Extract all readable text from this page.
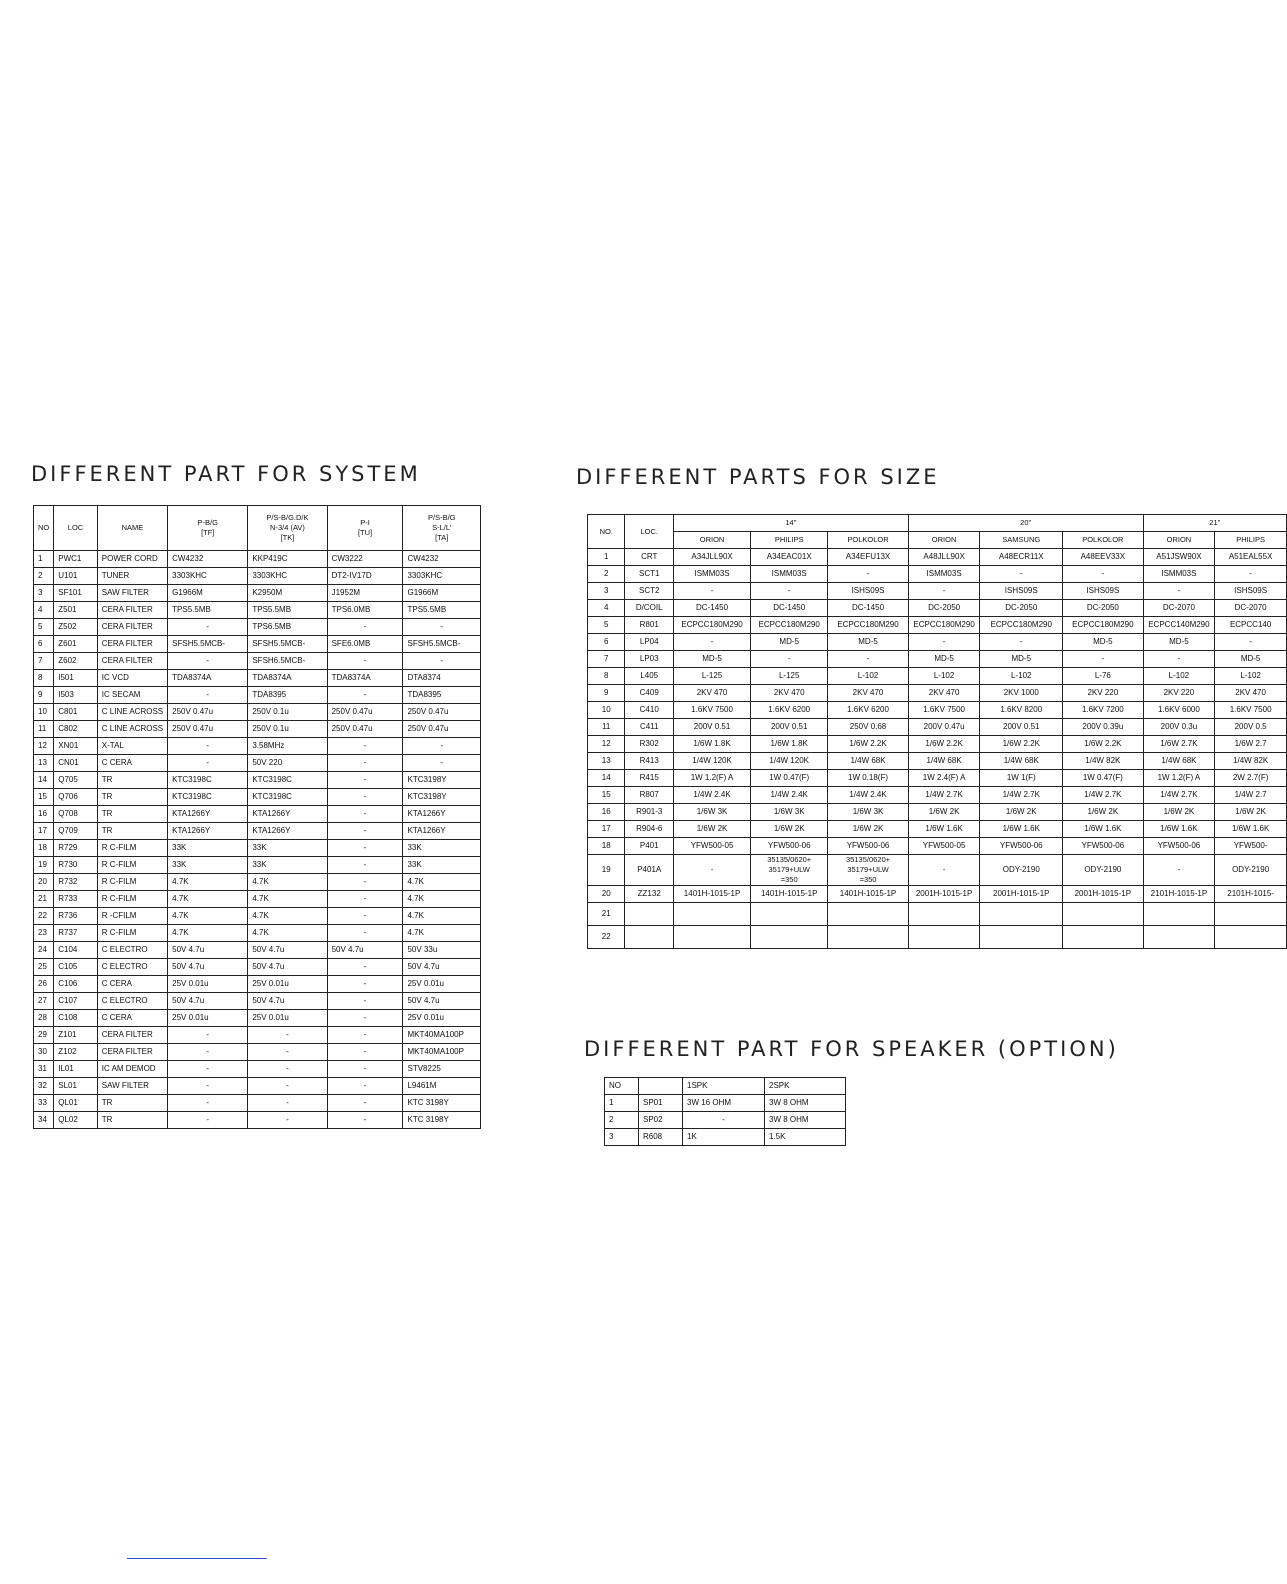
DIFFERENT PART FOR SYSTEM	DIFFERENT PARTS FOR SIZE
DIFFERENT PART FOR SPEAKER (OPTION)
NO	LOC	NAME	P-B/G
[TF]	P/S-B/G.D/K
N-3/4 (AV)
[TK]	P-I
[TU]	P/S-B/G
S-L/L'
[TA]
1	PWC1	POWER CORD	CW4232	KKP419C	CW3222	CW4232
2	U101	TUNER	3303KHC	3303KHC	DT2-IV17D	3303KHC
3	SF101	SAW FILTER	G1966M	K2950M	J1952M	G1966M
4	Z501	CERA FILTER	TPS5.5MB	TPS5.5MB	TPS6.0MB	TPS5.5MB
5	Z502	CERA FILTER	-	TPS6.5MB	-	-
6	Z601	CERA FILTER	SFSH5.5MCB-	SFSH5.5MCB-	SFE6.0MB	SFSH5.5MCB-
7	Z602	CERA FILTER	-	SFSH6.5MCB-	-	-
8	I501	IC VCD	TDA8374A	TDA8374A	TDA8374A	DTA8374
9	I503	IC SECAM	-	TDA8395	-	TDA8395
10	C801	C LINE ACROSS	250V 0.47u	250V 0.1u	250V 0.47u	250V 0.47u
11	C802	C LINE ACROSS	250V 0.47u	250V 0.1u	250V 0.47u	250V 0.47u
12	XN01	X-TAL	-	3.58MHz	-	-
13	CN01	C CERA	-	50V 220	-	-
14	Q705	TR	KTC3198C	KTC3198C	-	KTC3198Y
15	Q706	TR	KTC3198C	KTC3198C	-	KTC3198Y
16	Q708	TR	KTA1266Y	KTA1266Y	-	KTA1266Y
17	Q709	TR	KTA1266Y	KTA1266Y	-	KTA1266Y
18	R729	R C-FILM	33K	33K	-	33K
19	R730	R C-FILM	33K	33K	-	33K
20	R732	R C-FILM	4.7K	4.7K	-	4.7K
21	R733	R C-FILM	4.7K	4.7K	-	4.7K
22	R736	R -CFILM	4.7K	4.7K	-	4.7K
23	R737	R C-FILM	4.7K	4.7K	-	4.7K
24	C104	C ELECTRO	50V 4.7u	50V 4.7u	50V 4.7u	50V 33u
25	C105	C ELECTRO	50V 4.7u	50V 4.7u	-	50V 4.7u
26	C106	C CERA	25V 0.01u	25V 0.01u	-	25V 0.01u
27	C107	C ELECTRO	50V 4.7u	50V 4.7u	-	50V 4.7u
28	C108	C CERA	25V 0.01u	25V 0.01u	-	25V 0.01u
29	Z101	CERA FILTER	-	-	-	MKT40MA100P
30	Z102	CERA FILTER	-	-	-	MKT40MA100P
31	IL01	IC AM DEMOD	-	-	-	STV8225
32	SL01	SAW FILTER	-	-	-	L9461M
33	QL01	TR	-	-	-	KTC 3198Y
34	QL02	TR	-	-	-	KTC 3198Y
NO.	LOC.	14"			20"			21"	
		ORION	PHILIPS	POLKOLOR	ORION	SAMSUNG	POLKOLOR	ORION	PHILIPS
1	CRT	A34JLL90X	A34EAC01X	A34EFU13X	A48JLL90X	A48ECR11X	A48EEV33X	A51JSW90X	A51EAL55X
2	SCT1	ISMM03S	ISMM03S	-	ISMM03S	-	-	ISMM03S	-
3	SCT2	-	-	ISHS09S	-	ISHS09S	ISHS09S	-	ISHS09S
4	D/COIL	DC-1450	DC-1450	DC-1450	DC-2050	DC-2050	DC-2050	DC-2070	DC-2070
5	R801	ECPCC180M290	ECPCC180M290	ECPCC180M290	ECPCC180M290	ECPCC180M290	ECPCC180M290	ECPCC140M290	ECPCC140
6	LP04	-	MD-5	MD-5	-	-	MD-5	MD-5	-
7	LP03	MD-5	-	-	MD-5	MD-5	-	-	MD-5
8	L405	L-125	L-125	L-102	L-102	L-102	L-76	L-102	L-102
9	C409	2KV 470	2KV 470	2KV 470	2KV 470	2KV 1000	2KV 220	2KV 220	2KV 470
10	C410	1.6KV 7500	1.6KV 6200	1.6KV 6200	1.6KV 7500	1.6KV 8200	1.6KV 7200	1.6KV 6000	1.6KV 7500
11	C411	200V 0.51	200V 0.51	250V 0.68	200V 0.47u	200V 0.51	200V 0.39u	200V 0.3u	200V 0.5
12	R302	1/6W 1.8K	1/6W 1.8K	1/6W 2.2K	1/6W 2.2K	1/6W 2.2K	1/6W 2.2K	1/6W 2.7K	1/6W 2.7
13	R413	1/4W 120K	1/4W 120K	1/4W 68K	1/4W 68K	1/4W 68K	1/4W 82K	1/4W 68K	1/4W 82K
14	R415	1W 1.2(F) A	1W 0.47(F)	1W 0.18(F)	1W 2.4(F) A	1W 1(F)	1W 0.47(F)	1W 1.2(F) A	2W 2.7(F)
15	R807	1/4W 2.4K	1/4W 2.4K	1/4W 2.4K	1/4W 2.7K	1/4W 2.7K	1/4W 2.7K	1/4W 2.7K	1/4W 2.7
16	R901-3	1/6W 3K	1/6W 3K	1/6W 3K	1/6W 2K	1/6W 2K	1/6W 2K	1/6W 2K	1/6W 2K
17	R904-6	1/6W 2K	1/6W 2K	1/6W 2K	1/6W 1.6K	1/6W 1.6K	1/6W 1.6K	1/6W 1.6K	1/6W 1.6K
18	P401	YFW500-05	YFW500-06	YFW500-06	YFW500-05	YFW500-06	YFW500-06	YFW500-06	YFW500-
19	P401A	-	35135/0620+
35179+ULW
=350	35135/0620+
35179+ULW
=350	-	ODY-2190	ODY-2190	-	ODY-2190
20	ZZ132	1401H-1015-1P	1401H-1015-1P	1401H-1015-1P	2001H-1015-1P	2001H-1015-1P	2001H-1015-1P	2101H-1015-1P	2101H-1015-
21									
22									
NO		1SPK	2SPK
1	SP01	3W 16 OHM	3W 8 OHM
2	SP02	-	3W 8 OHM
3	R608	1K	1.5K
